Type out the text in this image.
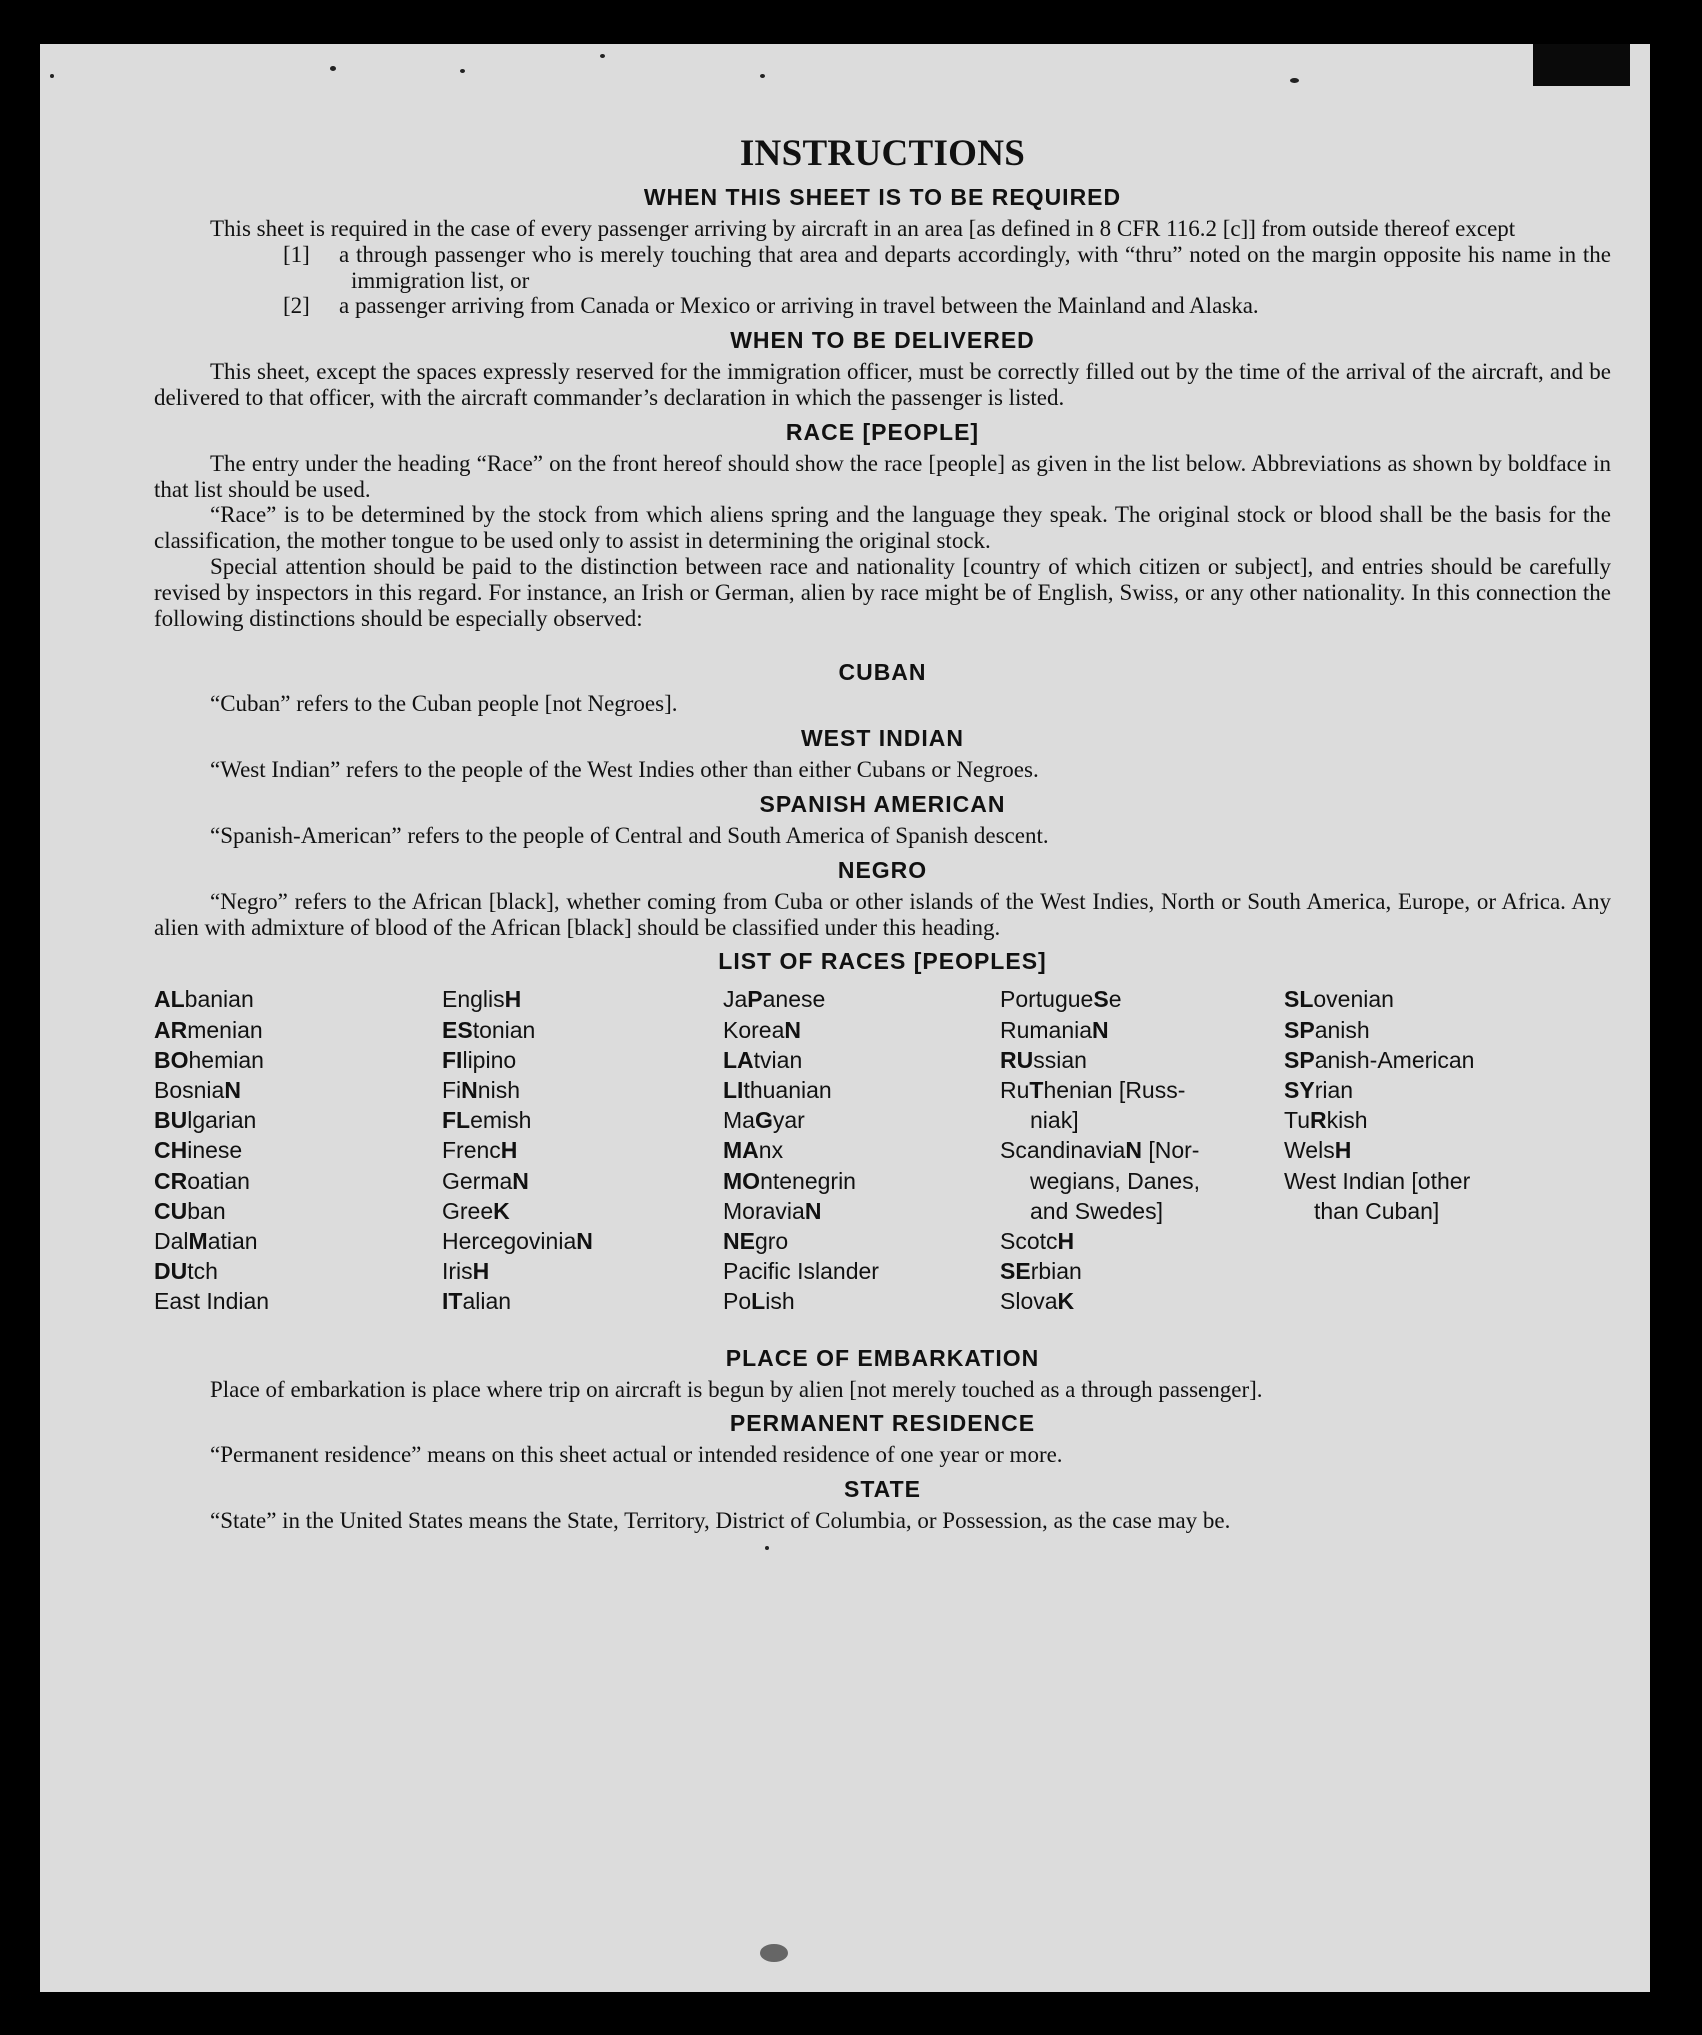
INSTRUCTIONS
WHEN THIS SHEET IS TO BE REQUIRED

This sheet is required in the case of every passenger arriving by aircraft in an area [as defined in 8 CFR 116.2 [c]] from outside thereof except

[1] a through passenger who is merely touching that area and departs accordingly, with “thru” noted on the margin opposite his name in the immigration list, or

[2] a passenger arriving from Canada or Mexico or arriving in travel between the Mainland and Alaska.

WHEN TO BE DELIVERED

This sheet, except the spaces expressly reserved for the immigration officer, must be correctly filled out by the time of the arrival of the aircraft, and be delivered to that officer, with the aircraft commander’s declaration in which the passenger is listed.

RACE [PEOPLE]

The entry under the heading “Race” on the front hereof should show the race [people] as given in the list below. Abbreviations as shown by boldface in that list should be used.

“Race” is to be determined by the stock from which aliens spring and the language they speak. The original stock or blood shall be the basis for the classification, the mother tongue to be used only to assist in determining the original stock.

Special attention should be paid to the distinction between race and nationality [country of which citizen or subject], and entries should be carefully revised by inspectors in this regard. For instance, an Irish or German, alien by race might be of English, Swiss, or any other nationality. In this connection the following distinctions should be especially observed:

CUBAN

“Cuban” refers to the Cuban people [not Negroes].

WEST INDIAN

“West Indian” refers to the people of the West Indies other than either Cubans or Negroes.

SPANISH AMERICAN

“Spanish-American” refers to the people of Central and South America of Spanish descent.

NEGRO

“Negro” refers to the African [black], whether coming from Cuba or other islands of the West Indies, North or South America, Europe, or Africa. Any alien with admixture of blood of the African [black] should be classified under this heading.

LIST OF RACES [PEOPLES]
ALbanian
ARmenian
BOhemian
BosniaN
BUlgarian
CHinese
CRoatian
CUban
DalMatian
DUtch
East Indian
EnglisH
EStonian
FIlipino
FiNnish
FLemish
FrencH
GermaN
GreeK
HercegoviniaN
IrisH
ITalian
JaPanese
KoreaN
LAtvian
LIthuanian
MaGyar
MAnx
MOntenegrin
MoraviaN
NEgro
Pacific Islander
PoLish
PortugueSe
RumaniaN
RUssian
RuThenian [Russ-
niak]
ScandinaviaN [Nor-
wegians, Danes,
and Swedes]
ScotcH
SErbian
SlovaK
SLovenian
SPanish
SPanish-American
SYrian
TuRkish
WelsH
West Indian [other
than Cuban]
PLACE OF EMBARKATION

Place of embarkation is place where trip on aircraft is begun by alien [not merely touched as a through passenger].

PERMANENT RESIDENCE

“Permanent residence” means on this sheet actual or intended residence of one year or more.

STATE

“State” in the United States means the State, Territory, District of Columbia, or Possession, as the case may be.
